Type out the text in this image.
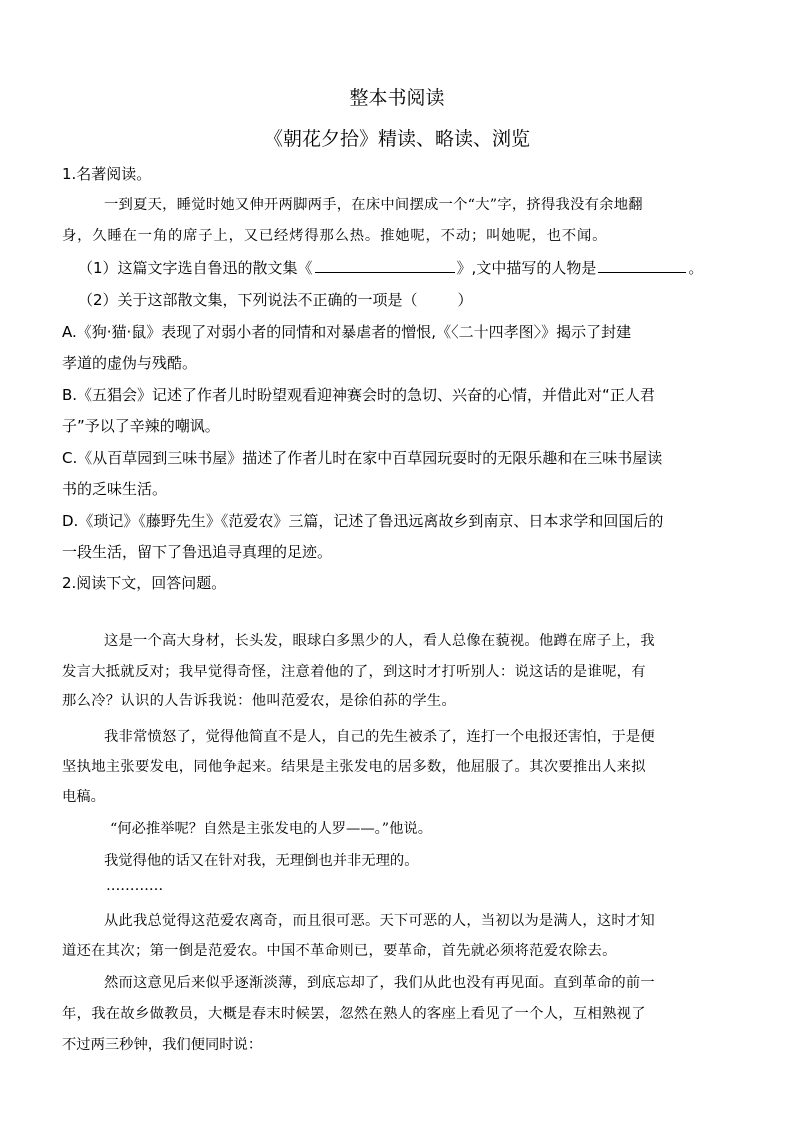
整本书阅读
《朝花夕拾》精读、略读、浏览
1.名著阅读。
一到夏天，睡觉时她又伸开两脚两手，在床中间摆成一个“大”字，挤得我没有余地翻
身，久睡在一角的席子上，又已经烤得那么热。推她呢，不动；叫她呢，也不闻。
（1）这篇文字选自鲁迅的散文集《	》,文中描写的人物是	。
（2）关于这部散文集，下列说法不正确的一项是（	）
A.《狗·猫·鼠》表现了对弱小者的同情和对暴虐者的憎恨,《〈二十四孝图〉》揭示了封建
孝道的虚伪与残酷。
B.《五猖会》记述了作者儿时盼望观看迎神赛会时的急切、兴奋的心情，并借此对“正人君
子”予以了辛辣的嘲讽。
C.《从百草园到三味书屋》描述了作者儿时在家中百草园玩耍时的无限乐趣和在三味书屋读
书的乏味生活。
D.《琐记》《藤野先生》《范爱农》三篇，记述了鲁迅远离故乡到南京、日本求学和回国后的
一段生活，留下了鲁迅追寻真理的足迹。
2.阅读下文，回答问题。
这是一个高大身材，长头发，眼球白多黑少的人，看人总像在藐视。他蹲在席子上，我
发言大抵就反对；我早觉得奇怪，注意着他的了，到这时才打听别人：说这话的是谁呢，有
那么冷？认识的人告诉我说：他叫范爱农，是徐伯荪的学生。
我非常愤怒了，觉得他简直不是人，自己的先生被杀了，连打一个电报还害怕，于是便
坚执地主张要发电，同他争起来。结果是主张发电的居多数，他屈服了。其次要推出人来拟
电稿。
“何必推举呢？自然是主张发电的人罗——。”他说。
我觉得他的话又在针对我，无理倒也并非无理的。
…………
从此我总觉得这范爱农离奇，而且很可恶。天下可恶的人，当初以为是满人，这时才知
道还在其次；第一倒是范爱农。中国不革命则已，要革命，首先就必须将范爱农除去。
然而这意见后来似乎逐渐淡薄，到底忘却了，我们从此也没有再见面。直到革命的前一
年，我在故乡做教员，大概是春末时候罢，忽然在熟人的客座上看见了一个人，互相熟视了
不过两三秒钟，我们便同时说：
